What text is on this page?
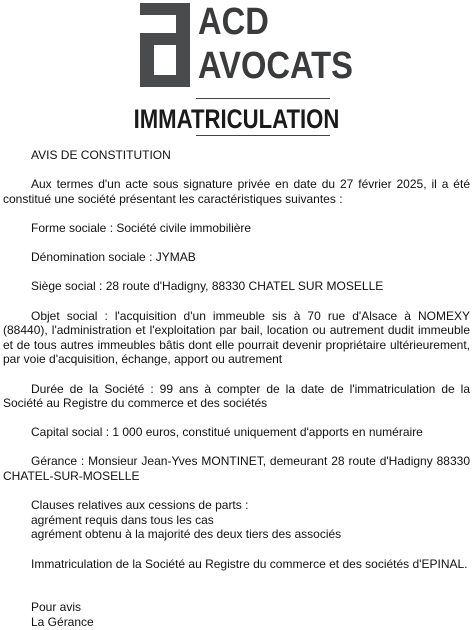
ACD
AVOCATS
IMMATRICULATION

AVIS DE CONSTITUTION

Aux termes d'un acte sous signature privée en date du 27 février 2025, il a été constitué une société présentant les caractéristiques suivantes :

Forme sociale : Société civile immobilière

Dénomination sociale : JYMAB

Siège social : 28 route d'Hadigny, 88330 CHATEL SUR MOSELLE

Objet social : l'acquisition d'un immeuble sis à 70 rue d'Alsace à NOMEXY (88440), l'administration et l'exploitation par bail, location ou autrement dudit immeuble et de tous autres immeubles bâtis dont elle pourrait devenir propriétaire ultérieurement, par voie d'acquisition, échange, apport ou autrement

Durée de la Société : 99 ans à compter de la date de l'immatriculation de la Société au Registre du commerce et des sociétés

Capital social : 1 000 euros, constitué uniquement d'apports en numéraire

Gérance : Monsieur Jean-Yves MONTINET, demeurant 28 route d'Hadigny 88330 CHATEL-SUR-MOSELLE

Clauses relatives aux cessions de parts :
agrément requis dans tous les cas
agrément obtenu à la majorité des deux tiers des associés

Immatriculation de la Société au Registre du commerce et des sociétés d'EPINAL.

Pour avis
La Gérance
